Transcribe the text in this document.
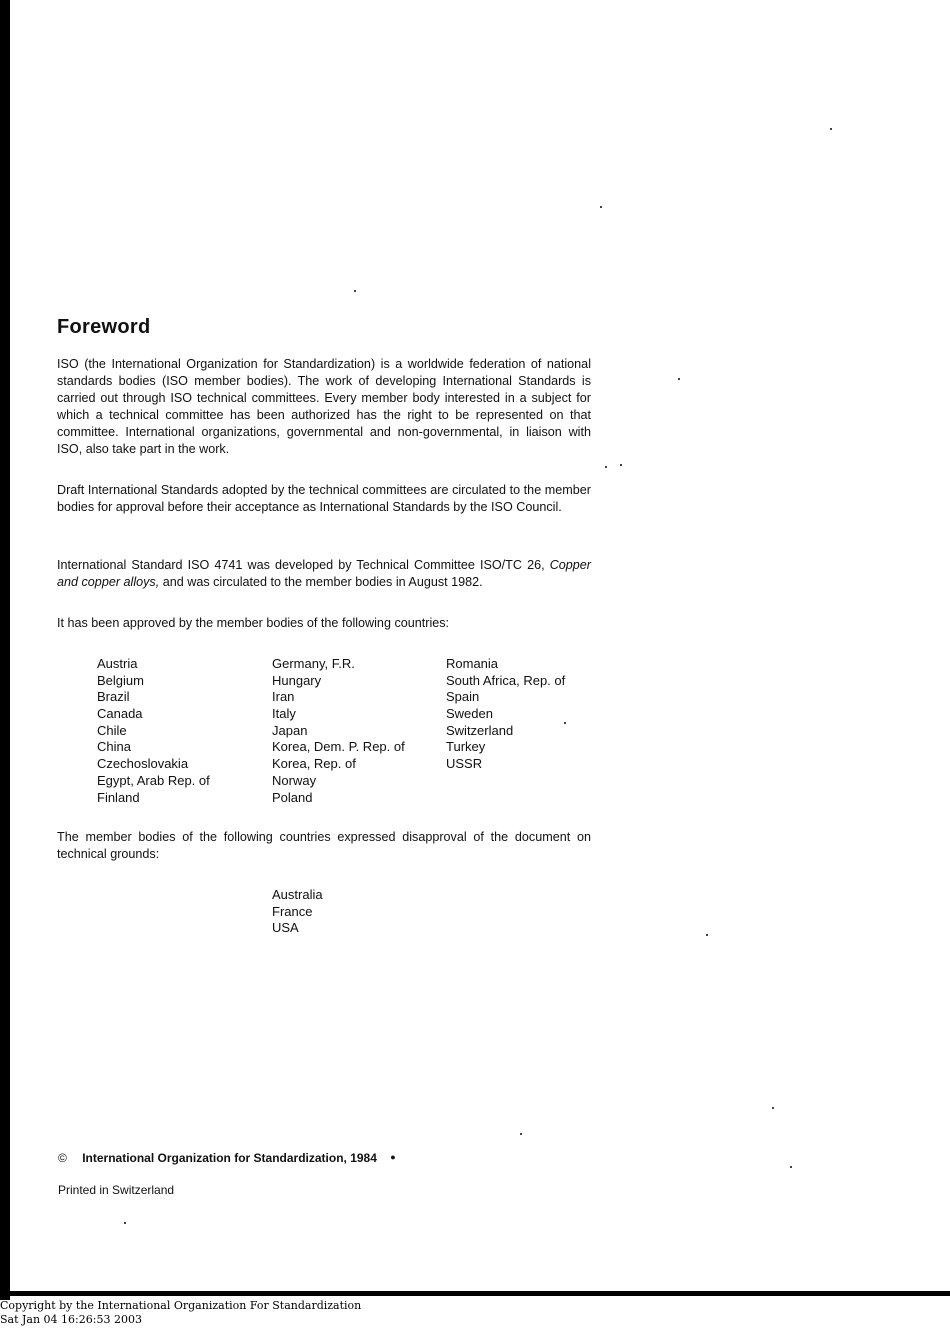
Foreword

ISO (the International Organization for Standardization) is a worldwide federation of national standards bodies (ISO member bodies). The work of developing International Standards is carried out through ISO technical committees. Every member body interested in a subject for which a technical committee has been authorized has the right to be represented on that committee. International organizations, governmental and non-governmental, in liaison with ISO, also take part in the work.

Draft International Standards adopted by the technical committees are circulated to the member bodies for approval before their acceptance as International Standards by the ISO Council.

International Standard ISO 4741 was developed by Technical Committee ISO/TC 26, Copper and copper alloys, and was circulated to the member bodies in August 1982.

It has been approved by the member bodies of the following countries:

Austria
Belgium
Brazil
Canada
Chile
China
Czechoslovakia
Egypt, Arab Rep. of
Finland
Germany, F.R.
Hungary
Iran
Italy
Japan
Korea, Dem. P. Rep. of
Korea, Rep. of
Norway
Poland
Romania
South Africa, Rep. of
Spain
Sweden
Switzerland
Turkey
USSR

The member bodies of the following countries expressed disapproval of the document on technical grounds:

Australia
France
USA
© International Organization for Standardization, 1984 ●
Printed in Switzerland
Copyright by the International Organization For Standardization
Sat Jan 04 16:26:53 2003
